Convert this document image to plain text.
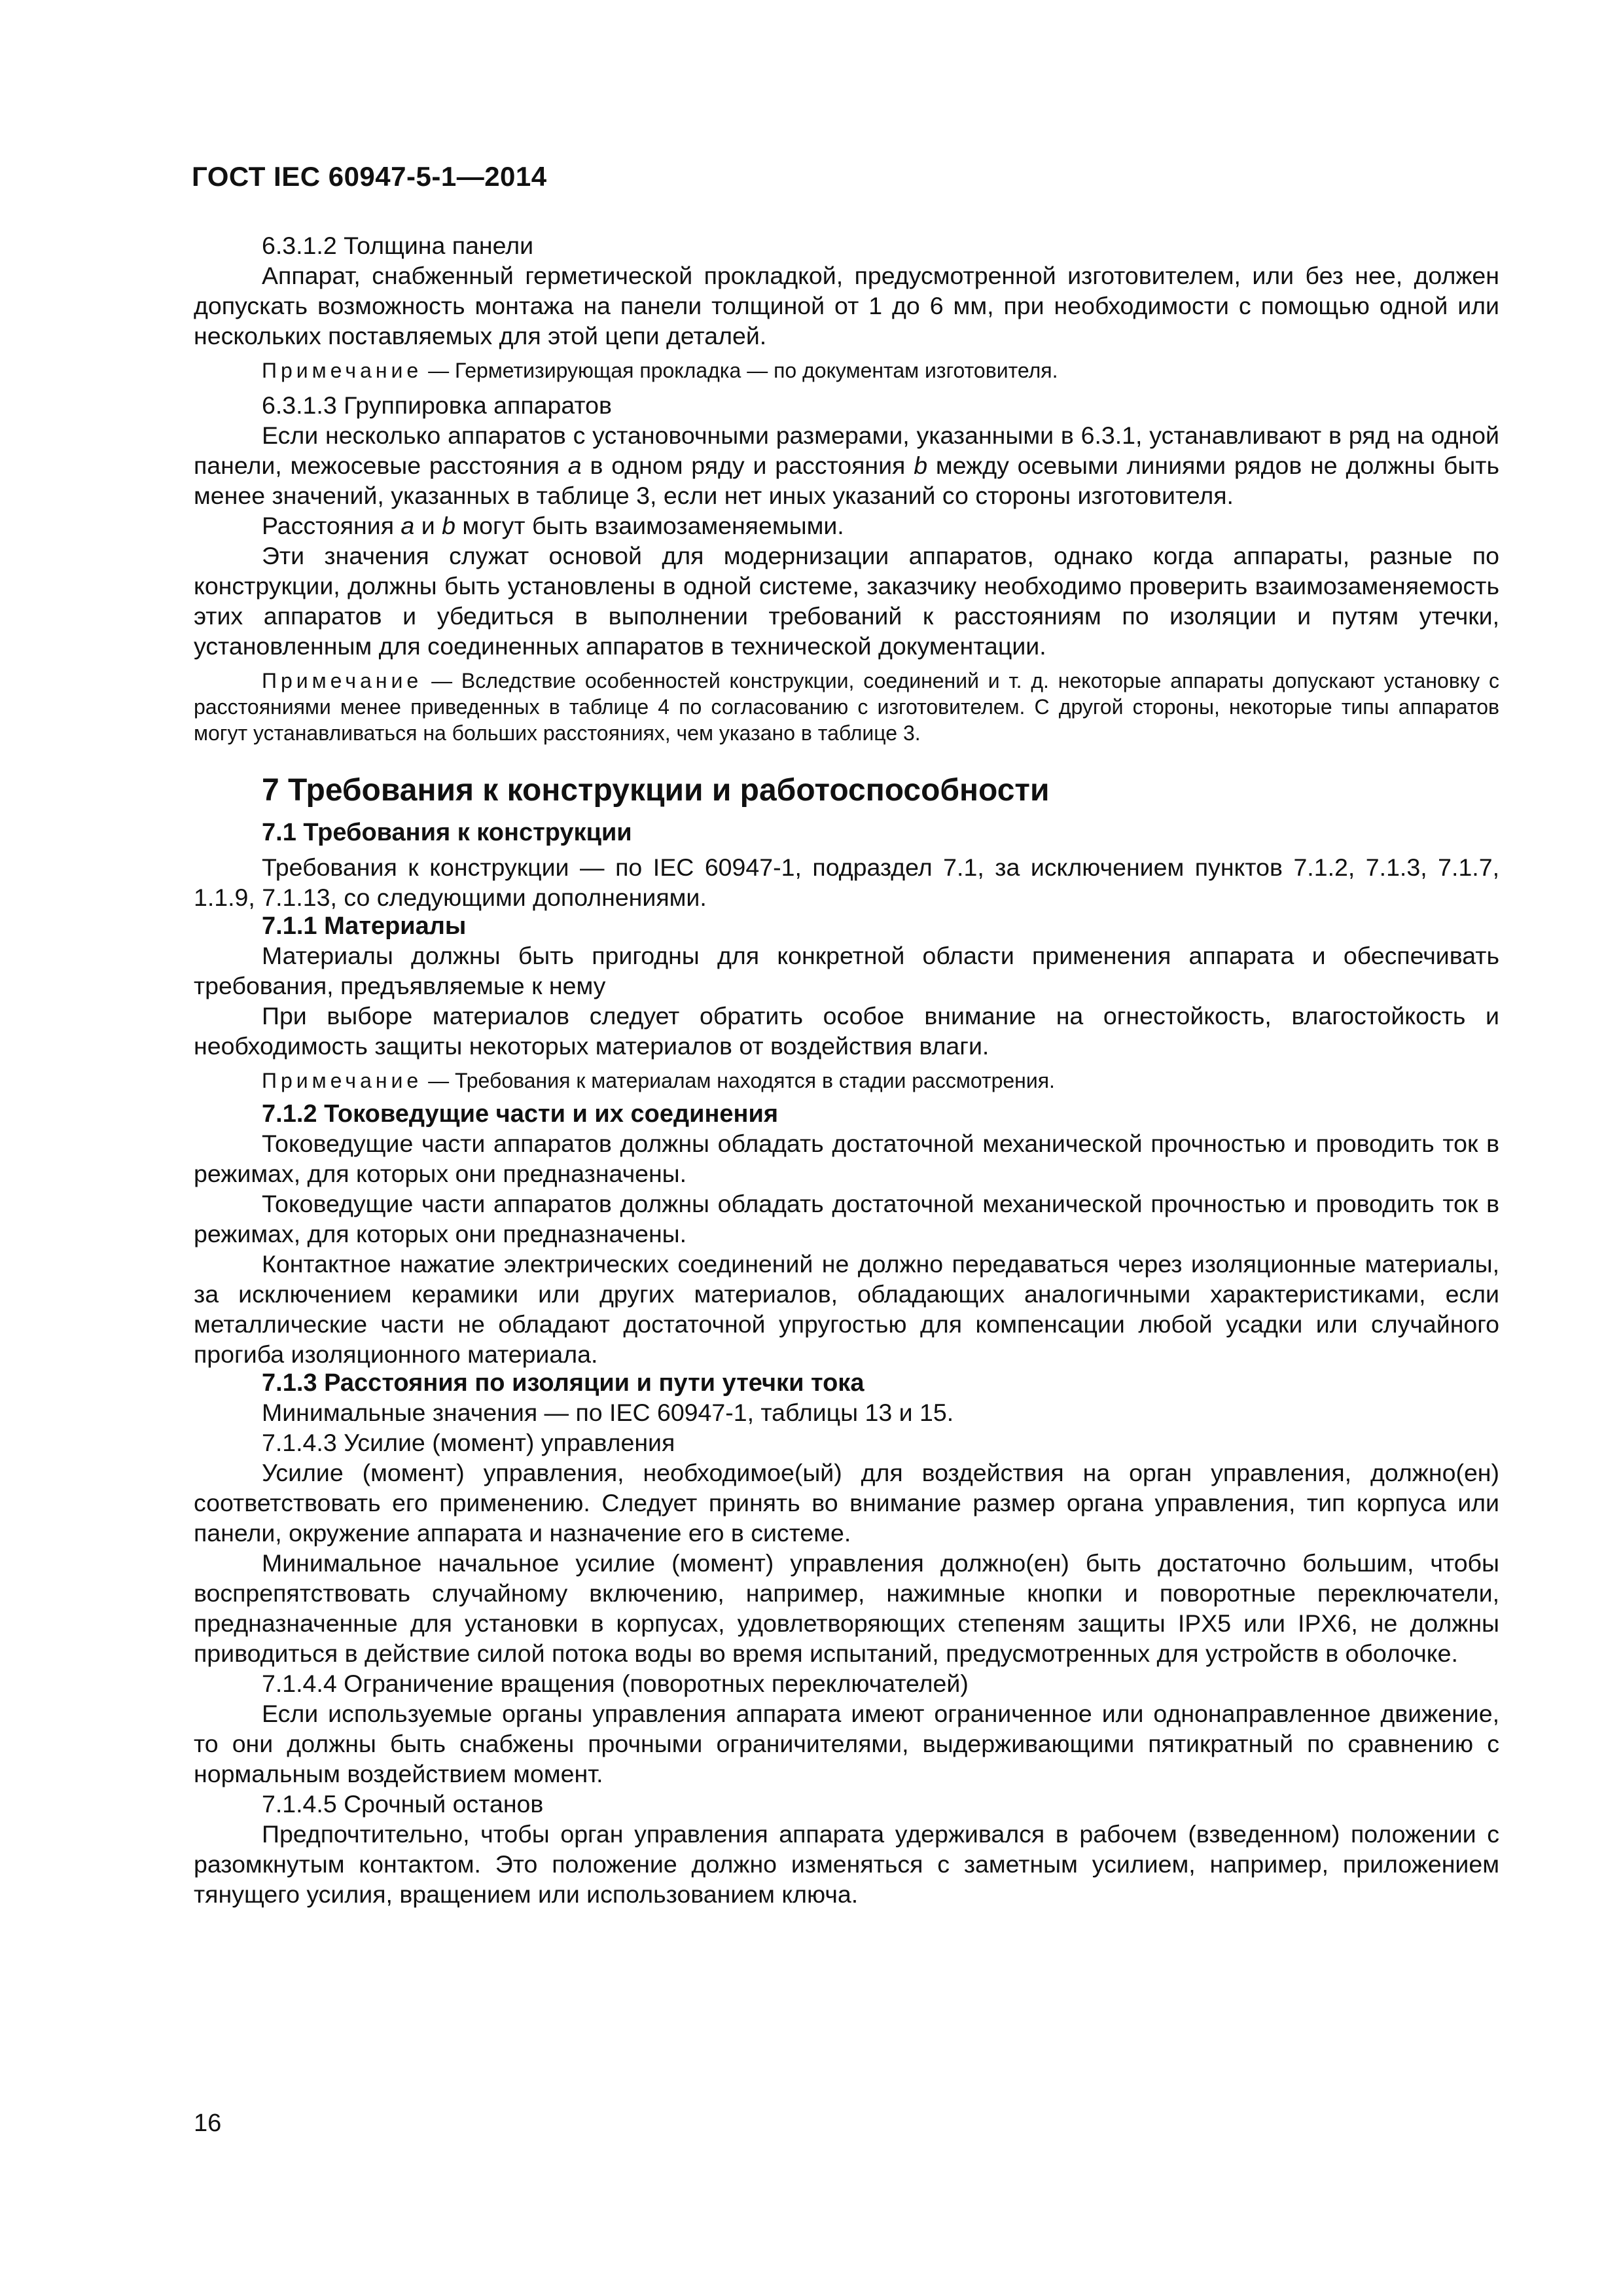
ГОСТ IEC 60947-5-1—2014

6.3.1.2 Толщина панели

Аппарат, снабженный герметической прокладкой, предусмотренной изготовителем, или без нее, должен допускать возможность монтажа на панели толщиной от 1 до 6 мм, при необходимости с помощью одной или нескольких поставляемых для этой цепи деталей.

Примечание — Герметизирующая прокладка — по документам изготовителя.

6.3.1.3 Группировка аппаратов

Если несколько аппаратов с установочными размерами, указанными в 6.3.1, устанавливают в ряд на одной панели, межосевые расстояния а в одном ряду и расстояния b между осевыми линиями рядов не должны быть менее значений, указанных в таблице 3, если нет иных указаний со стороны изготовителя.

Расстояния а и b могут быть взаимозаменяемыми.

Эти значения служат основой для модернизации аппаратов, однако когда аппараты, разные по конструкции, должны быть установлены в одной системе, заказчику необходимо проверить взаимозаменяемость этих аппаратов и убедиться в выполнении требований к расстояниям по изоляции и путям утечки, установленным для соединенных аппаратов в технической документации.

Примечание — Вследствие особенностей конструкции, соединений и т. д. некоторые аппараты допускают установку с расстояниями менее приведенных в таблице 4 по согласованию с изготовителем. С другой стороны, некоторые типы аппаратов могут устанавливаться на больших расстояниях, чем указано в таблице 3.

7 Требования к конструкции и работоспособности
7.1 Требования к конструкции

Требования к конструкции — по IEC 60947-1, подраздел 7.1, за исключением пунктов 7.1.2, 7.1.3, 7.1.7, 1.1.9, 7.1.13, со следующими дополнениями.

7.1.1 Материалы

Материалы должны быть пригодны для конкретной области применения аппарата и обеспечивать требования, предъявляемые к нему

При выборе материалов следует обратить особое внимание на огнестойкость, влагостойкость и необходимость защиты некоторых материалов от воздействия влаги.

Примечание — Требования к материалам находятся в стадии рассмотрения.

7.1.2 Токоведущие части и их соединения

Токоведущие части аппаратов должны обладать достаточной механической прочностью и проводить ток в режимах, для которых они предназначены.

Токоведущие части аппаратов должны обладать достаточной механической прочностью и проводить ток в режимах, для которых они предназначены.

Контактное нажатие электрических соединений не должно передаваться через изоляционные материалы, за исключением керамики или других материалов, обладающих аналогичными характеристиками, если металлические части не обладают достаточной упругостью для компенсации любой усадки или случайного прогиба изоляционного материала.

7.1.3 Расстояния по изоляции и пути утечки тока

Минимальные значения — по IEC 60947-1, таблицы 13 и 15.

7.1.4.3 Усилие (момент) управления

Усилие (момент) управления, необходимое(ый) для воздействия на орган управления, должно(ен) соответствовать его применению. Следует принять во внимание размер органа управления, тип корпуса или панели, окружение аппарата и назначение его в системе.

Минимальное начальное усилие (момент) управления должно(ен) быть достаточно большим, чтобы воспрепятствовать случайному включению, например, нажимные кнопки и поворотные переключатели, предназначенные для установки в корпусах, удовлетворяющих степеням защиты IPX5 или IPX6, не должны приводиться в действие силой потока воды во время испытаний, предусмотренных для устройств в оболочке.

7.1.4.4 Ограничение вращения (поворотных переключателей)

Если используемые органы управления аппарата имеют ограниченное или однонаправленное движение, то они должны быть снабжены прочными ограничителями, выдерживающими пятикратный по сравнению с нормальным воздействием момент.

7.1.4.5 Срочный останов

Предпочтительно, чтобы орган управления аппарата удерживался в рабочем (взведенном) положении с разомкнутым контактом. Это положение должно изменяться с заметным усилием, например, приложением тянущего усилия, вращением или использованием ключа.

16
